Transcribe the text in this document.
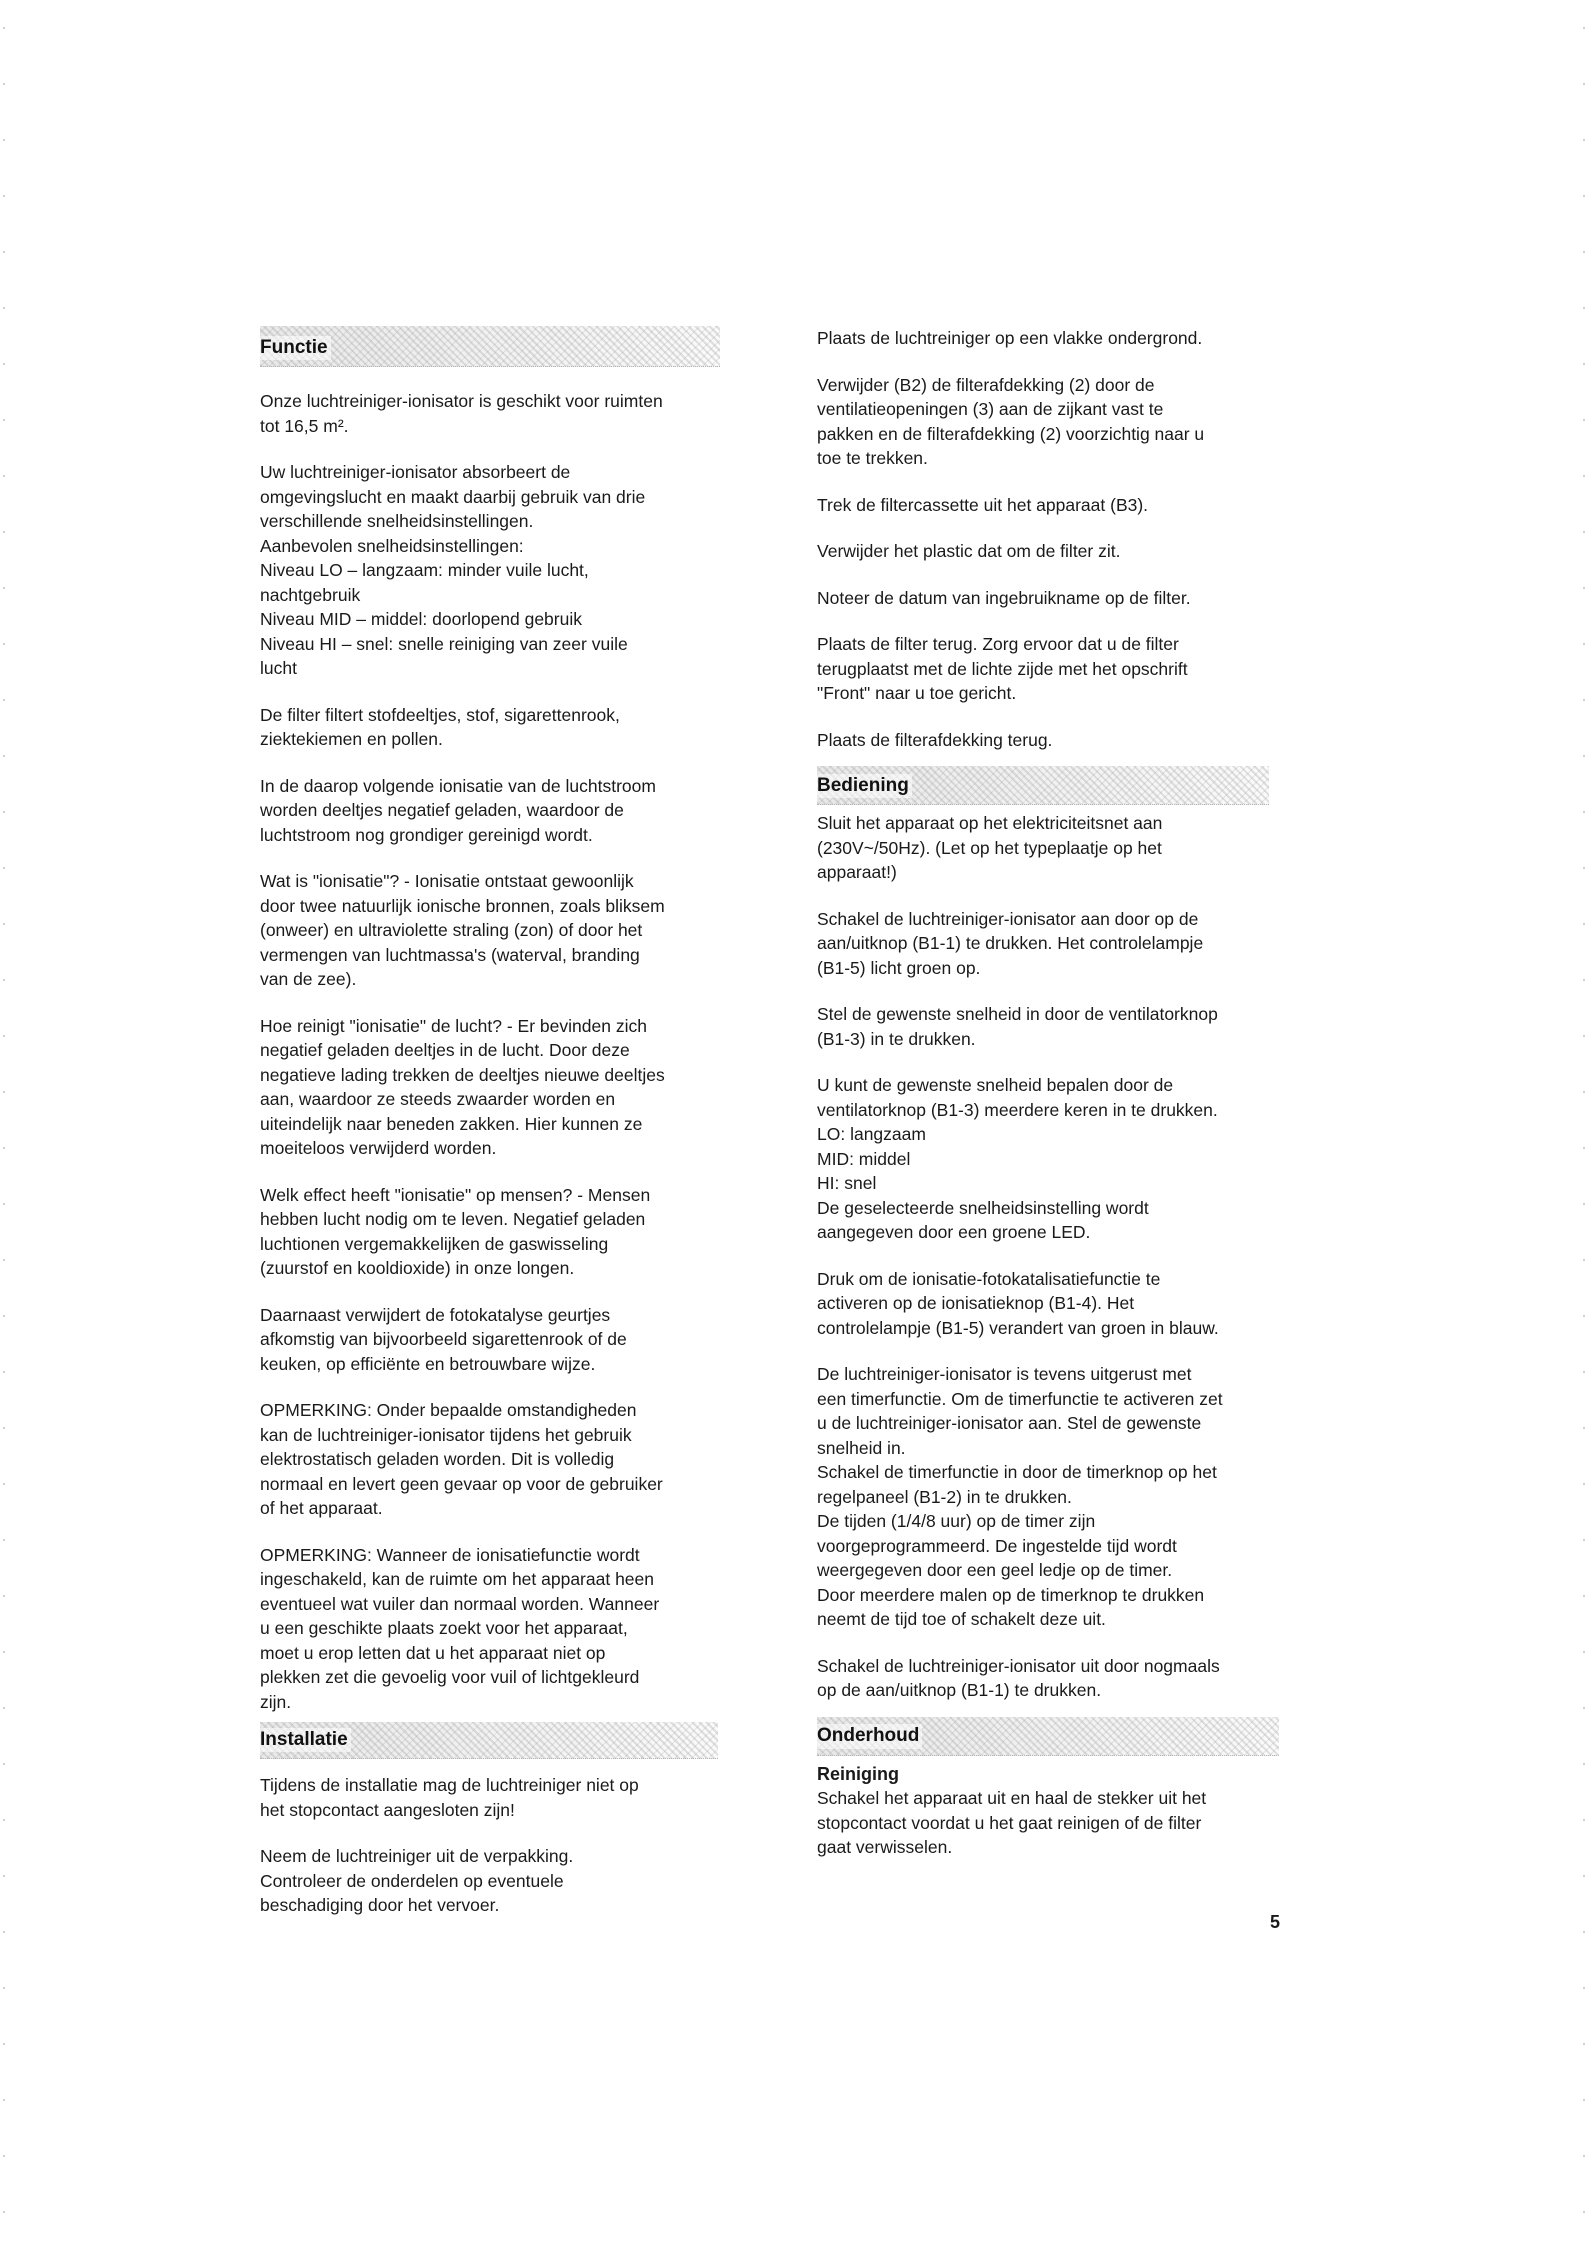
Functie

Onze luchtreiniger-ionisator is geschikt voor ruimten
tot 16,5 m².

Uw luchtreiniger-ionisator absorbeert de
omgevingslucht en maakt daarbij gebruik van drie
verschillende snelheidsinstellingen.
Aanbevolen snelheidsinstellingen:
Niveau LO – langzaam: minder vuile lucht,
nachtgebruik
Niveau MID – middel: doorlopend gebruik
Niveau HI – snel: snelle reiniging van zeer vuile
lucht

De filter filtert stofdeeltjes, stof, sigarettenrook,
ziektekiemen en pollen.

In de daarop volgende ionisatie van de luchtstroom
worden deeltjes negatief geladen, waardoor de
luchtstroom nog grondiger gereinigd wordt.

Wat is "ionisatie"? - Ionisatie ontstaat gewoonlijk
door twee natuurlijk ionische bronnen, zoals bliksem
(onweer) en ultraviolette straling (zon) of door het
vermengen van luchtmassa's (waterval, branding
van de zee).

Hoe reinigt "ionisatie" de lucht? - Er bevinden zich
negatief geladen deeltjes in de lucht. Door deze
negatieve lading trekken de deeltjes nieuwe deeltjes
aan, waardoor ze steeds zwaarder worden en
uiteindelijk naar beneden zakken. Hier kunnen ze
moeiteloos verwijderd worden.

Welk effect heeft "ionisatie" op mensen? - Mensen
hebben lucht nodig om te leven. Negatief geladen
luchtionen vergemakkelijken de gaswisseling
(zuurstof en kooldioxide) in onze longen.

Daarnaast verwijdert de fotokatalyse geurtjes
afkomstig van bijvoorbeeld sigarettenrook of de
keuken, op efficiënte en betrouwbare wijze.

OPMERKING: Onder bepaalde omstandigheden
kan de luchtreiniger-ionisator tijdens het gebruik
elektrostatisch geladen worden. Dit is volledig
normaal en levert geen gevaar op voor de gebruiker
of het apparaat.

OPMERKING: Wanneer de ionisatiefunctie wordt
ingeschakeld, kan de ruimte om het apparaat heen
eventueel wat vuiler dan normaal worden. Wanneer
u een geschikte plaats zoekt voor het apparaat,
moet u erop letten dat u het apparaat niet op
plekken zet die gevoelig voor vuil of lichtgekleurd
zijn.

Installatie

Tijdens de installatie mag de luchtreiniger niet op
het stopcontact aangesloten zijn!

Neem de luchtreiniger uit de verpakking.
Controleer de onderdelen op eventuele
beschadiging door het vervoer.

Plaats de luchtreiniger op een vlakke ondergrond.

Verwijder (B2) de filterafdekking (2) door de
ventilatieopeningen (3) aan de zijkant vast te
pakken en de filterafdekking (2) voorzichtig naar u
toe te trekken.

Trek de filtercassette uit het apparaat (B3).

Verwijder het plastic dat om de filter zit.

Noteer de datum van ingebruikname op de filter.

Plaats de filter terug. Zorg ervoor dat u de filter
terugplaatst met de lichte zijde met het opschrift
"Front" naar u toe gericht.

Plaats de filterafdekking terug.

Bediening

Sluit het apparaat op het elektriciteitsnet aan
(230V~/50Hz). (Let op het typeplaatje op het
apparaat!)

Schakel de luchtreiniger-ionisator aan door op de
aan/uitknop (B1-1) te drukken. Het controlelampje
(B1-5) licht groen op.

Stel de gewenste snelheid in door de ventilatorknop
(B1-3) in te drukken.

U kunt de gewenste snelheid bepalen door de
ventilatorknop (B1-3) meerdere keren in te drukken.
LO: langzaam
MID: middel
HI: snel
De geselecteerde snelheidsinstelling wordt
aangegeven door een groene LED.

Druk om de ionisatie-fotokatalisatiefunctie te
activeren op de ionisatieknop (B1-4). Het
controlelampje (B1-5) verandert van groen in blauw.

De luchtreiniger-ionisator is tevens uitgerust met
een timerfunctie. Om de timerfunctie te activeren zet
u de luchtreiniger-ionisator aan. Stel de gewenste
snelheid in.
Schakel de timerfunctie in door de timerknop op het
regelpaneel (B1-2) in te drukken.
De tijden (1/4/8 uur) op de timer zijn
voorgeprogrammeerd. De ingestelde tijd wordt
weergegeven door een geel ledje op de timer.
Door meerdere malen op de timerknop te drukken
neemt de tijd toe of schakelt deze uit.

Schakel de luchtreiniger-ionisator uit door nogmaals
op de aan/uitknop (B1-1) te drukken.

Onderhoud

Reiniging

Schakel het apparaat uit en haal de stekker uit het
stopcontact voordat u het gaat reinigen of de filter
gaat verwisselen.

5
